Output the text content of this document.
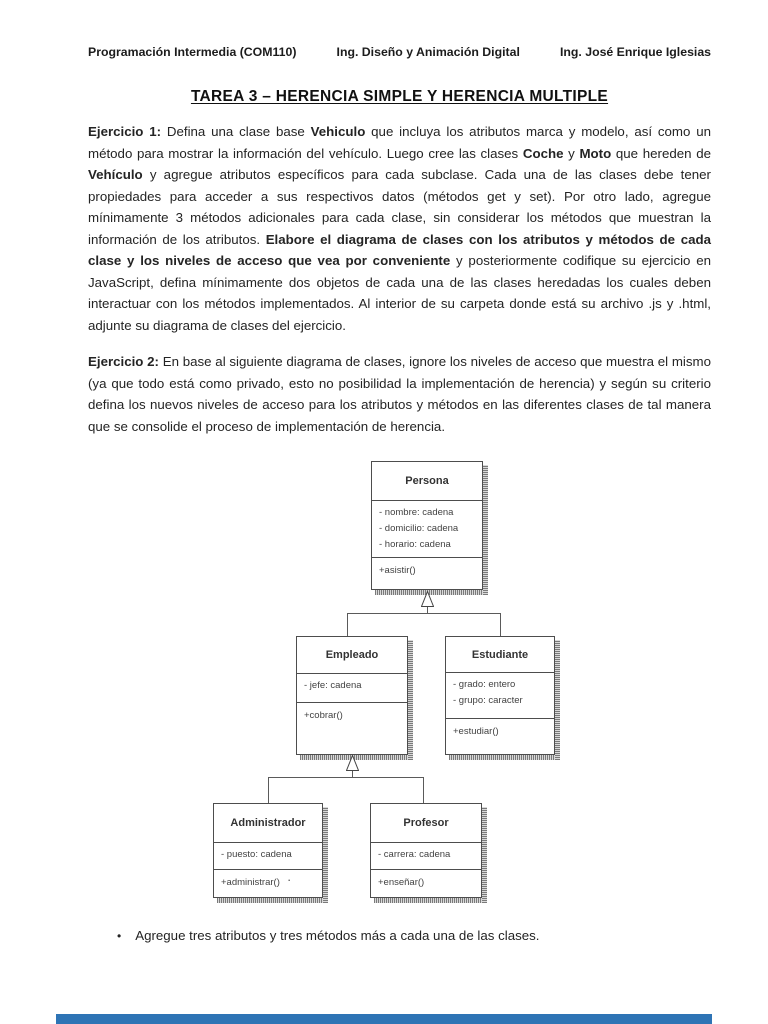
Programación Intermedia (COM110)	Ing. Diseño y Animación Digital	Ing. José Enrique Iglesias
TAREA 3 – HERENCIA SIMPLE Y HERENCIA MULTIPLE
Ejercicio 1: Defina una clase base Vehiculo que incluya los atributos marca y modelo, así como un método para mostrar la información del vehículo. Luego cree las clases Coche y Moto que hereden de Vehículo y agregue atributos específicos para cada subclase. Cada una de las clases debe tener propiedades para acceder a sus respectivos datos (métodos get y set). Por otro lado, agregue mínimamente 3 métodos adicionales para cada clase, sin considerar los métodos que muestran la información de los atributos. Elabore el diagrama de clases con los atributos y métodos de cada clase y los niveles de acceso que vea por conveniente y posteriormente codifique su ejercicio en JavaScript, defina mínimamente dos objetos de cada una de las clases heredadas los cuales deben interactuar con los métodos implementados. Al interior de su carpeta donde está su archivo .js y .html, adjunte su diagrama de clases del ejercicio.
Ejercicio 2: En base al siguiente diagrama de clases, ignore los niveles de acceso que muestra el mismo (ya que todo está como privado, esto no posibilidad la implementación de herencia) y según su criterio defina los nuevos niveles de acceso para los atributos y métodos en las diferentes clases de tal manera que se consolide el proceso de implementación de herencia.
Persona
- nombre: cadena
- domicilio: cadena
- horario: cadena
+asistir()
Empleado
- jefe: cadena
+cobrar()
Estudiante
- grado: entero
- grupo: caracter
+estudiar()
Administrador
- puesto: cadena
+administrar()
Profesor
- carrera: cadena
+enseñar()
·
• Agregue tres atributos y tres métodos más a cada una de las clases.
